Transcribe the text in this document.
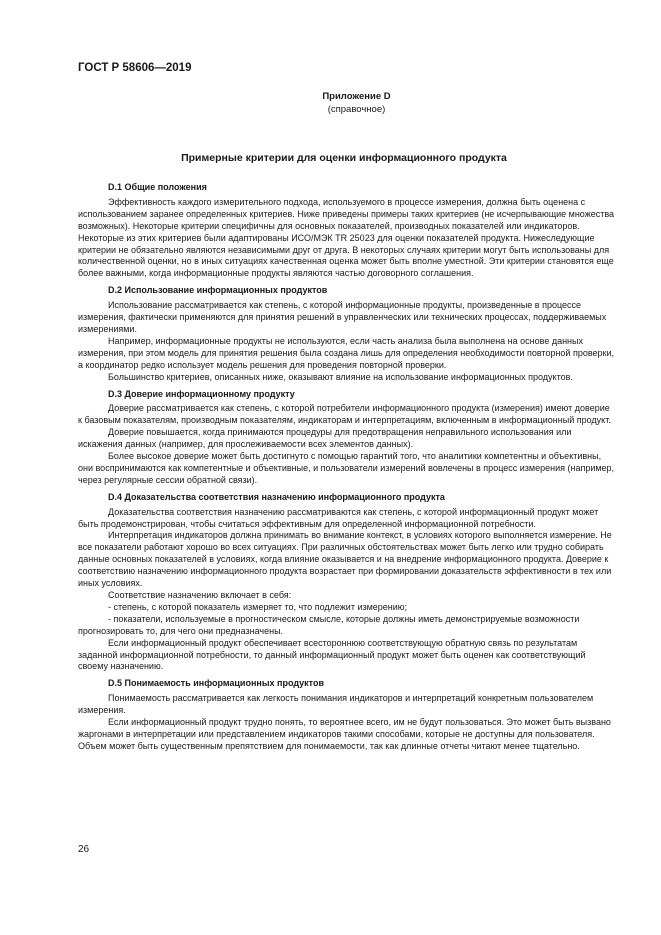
ГОСТ Р 58606—2019
Приложение D
(справочное)
Примерные критерии для оценки информационного продукта
D.1 Общие положения

Эффективность каждого измерительного подхода, используемого в процессе измерения, должна быть оценена с использованием заранее определенных критериев. Ниже приведены примеры таких критериев (не исчерпывающие множества возможных). Некоторые критерии специфичны для основных показателей, производных показателей или индикаторов. Некоторые из этих критериев были адаптированы ИСО/МЭК TR 25023 для оценки показателей продукта. Нижеследующие критерии не обязательно являются независимыми друг от друга. В некоторых случаях критерии могут быть использованы для количественной оценки, но в иных ситуациях качественная оценка может быть вполне уместной. Эти критерии становятся еще более важными, когда информационные продукты являются частью договорного соглашения.

D.2 Использование информационных продуктов

Использование рассматривается как степень, с которой информационные продукты, произведенные в процессе измерения, фактически применяются для принятия решений в управленческих или технических процессах, поддерживаемых измерениями.

Например, информационные продукты не используются, если часть анализа была выполнена на основе данных измерения, при этом модель для принятия решения была создана лишь для определения необходимости повторной проверки, а координатор редко использует модель решения для проведения повторной проверки.

Большинство критериев, описанных ниже, оказывают влияние на использование информационных продуктов.

D.3 Доверие информационному продукту

Доверие рассматривается как степень, с которой потребители информационного продукта (измерения) имеют доверие к базовым показателям, производным показателям, индикаторам и интерпретациям, включенным в информационный продукт.

Доверие повышается, когда принимаются процедуры для предотвращения неправильного использования или искажения данных (например, для прослеживаемости всех элементов данных).

Более высокое доверие может быть достигнуто с помощью гарантий того, что аналитики компетентны и объективны, они воспринимаются как компетентные и объективные, и пользователи измерений вовлечены в процесс измерения (например, через регулярные сессии обратной связи).

D.4 Доказательства соответствия назначению информационного продукта

Доказательства соответствия назначению рассматриваются как степень, с которой информационный продукт может быть продемонстрирован, чтобы считаться эффективным для определенной информационной потребности.

Интерпретация индикаторов должна принимать во внимание контекст, в условиях которого выполняется измерение. Не все показатели работают хорошо во всех ситуациях. При различных обстоятельствах может быть легко или трудно собирать данные основных показателей в условиях, когда влияние оказывается и на внедрение информационного продукта. Доверие к соответствию назначению информационного продукта возрастает при формировании доказательств эффективности в тех или иных условиях.

Соответствие назначению включает в себя:

- степень, с которой показатель измеряет то, что подлежит измерению;

- показатели, используемые в прогностическом смысле, которые должны иметь демонстрируемые возможности прогнозировать то, для чего они предназначены.

Если информационный продукт обеспечивает всестороннюю соответствующую обратную связь по результатам заданной информационной потребности, то данный информационный продукт может быть оценен как соответствующий своему назначению.

D.5 Понимаемость информационных продуктов

Понимаемость рассматривается как легкость понимания индикаторов и интерпретаций конкретным пользователем измерения.

Если информационный продукт трудно понять, то вероятнее всего, им не будут пользоваться. Это может быть вызвано жаргонами в интерпретации или представлением индикаторов такими способами, которые не доступны для пользователя. Объем может быть существенным препятствием для понимаемости, так как длинные отчеты читают менее тщательно.

26
